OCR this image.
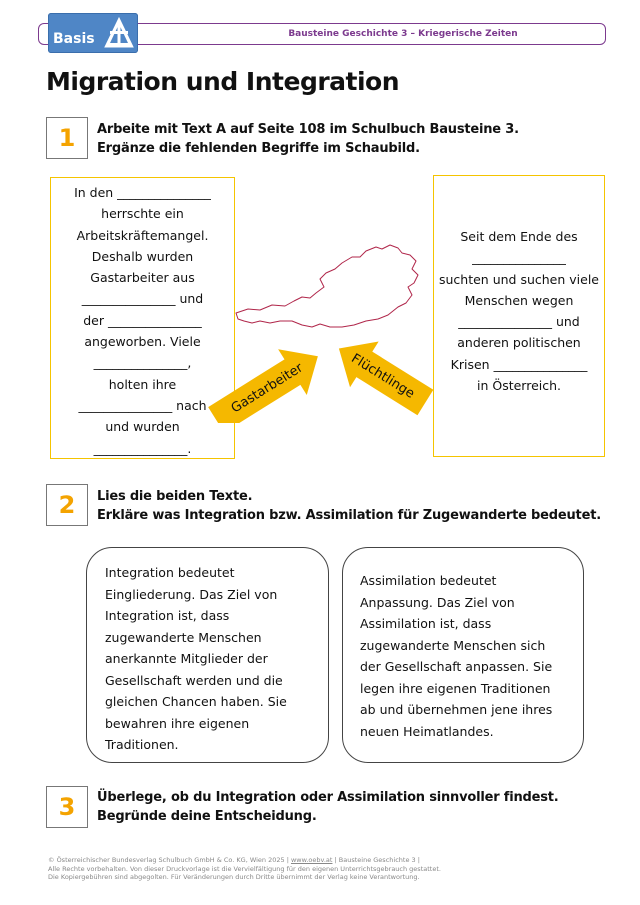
Bausteine Geschichte 3 – Kriegerische Zeiten
Basis
Migration und Integration
1	Arbeite mit Text A auf Seite 108 im Schulbuch Bausteine 3.
Ergänze die fehlenden Begriffe im Schaubild.
In den _______________
herrschte ein
Arbeitskräftemangel.
Deshalb wurden
Gastarbeiter aus
_______________ und
der _______________
angeworben. Viele
_______________,
holten ihre
_______________ nach
und wurden
_______________.
Seit dem Ende des
_______________
suchten und suchen viele
Menschen wegen
_______________ und
anderen politischen
Krisen _______________
in Österreich.
Gastarbeiter	Flüchtlinge
2	Lies die beiden Texte.
Erkläre was Integration bzw. Assimilation für Zugewanderte bedeutet.
Integration bedeutet
Eingliederung. Das Ziel von
Integration ist, dass
zugewanderte Menschen
anerkannte Mitglieder der
Gesellschaft werden und die
gleichen Chancen haben. Sie
bewahren ihre eigenen
Traditionen.
Assimilation bedeutet
Anpassung. Das Ziel von
Assimilation ist, dass
zugewanderte Menschen sich
der Gesellschaft anpassen. Sie
legen ihre eigenen Traditionen
ab und übernehmen jene ihres
neuen Heimatlandes.
3	Überlege, ob du Integration oder Assimilation sinnvoller findest.
Begründe deine Entscheidung.
© Österreichischer Bundesverlag Schulbuch GmbH & Co. KG, Wien 2025 | www.oebv.at | Bausteine Geschichte 3 |
Alle Rechte vorbehalten. Von dieser Druckvorlage ist die Vervielfältigung für den eigenen Unterrichtsgebrauch gestattet.
Die Kopiergebühren sind abgegolten. Für Veränderungen durch Dritte übernimmt der Verlag keine Verantwortung.
